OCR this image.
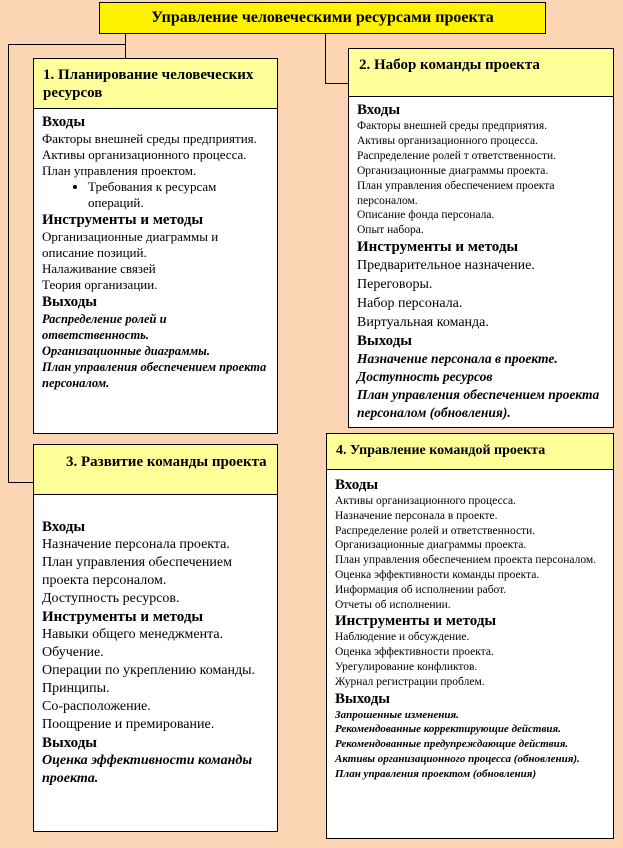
Управление человеческими ресурсами проекта
1. Планирование человеческих ресурсов
Входы
Факторы внешней среды предприятия.
Активы организационного процесса.
План управления проектом.
• Требования к ресурсам операций.
Инструменты и методы
Организационные диаграммы и описание позиций.
Налаживание связей
Теория организации.
Выходы
Распределение ролей и ответственность.
Организационные диаграммы.
План управления обеспечением проекта персоналом.
2. Набор команды проекта
Входы
Факторы внешней среды предприятия.
Активы организационного процесса.
Распределение ролей т ответственности.
Организационные диаграммы проекта.
План управления обеспечением проекта персоналом.
Описание фонда персонала.
Опыт набора.
Инструменты и методы
Предварительное назначение.
Переговоры.
Набор персонала.
Виртуальная команда.
Выходы
Назначение персонала в проекте.
Доступность ресурсов
План управления обеспечением проекта персоналом (обновления).
3. Развитие команды проекта
Входы
Назначение персонала проекта.
План управления обеспечением проекта персоналом.
Доступность ресурсов.
Инструменты и методы
Навыки общего менеджмента.
Обучение.
Операции по укреплению команды.
Принципы.
Со-расположение.
Поощрение и премирование.
Выходы
Оценка эффективности команды проекта.
4. Управление командой проекта
Входы
Активы организационного процесса.
Назначение персонала в проекте.
Распределение ролей и ответственности.
Организационные диаграммы проекта.
План управления обеспечением проекта персоналом.
Оценка эффективности команды проекта.
Информация об исполнении работ.
Отчеты об исполнении.
Инструменты и методы
Наблюдение и обсуждение.
Оценка эффективности проекта.
Урегулирование конфликтов.
Журнал регистрации проблем.
Выходы
Запрошенные изменения.
Рекомендованные корректирующие действия.
Рекомендованные предупреждающие действия.
Активы организационного процесса (обновления).
План управления проектом (обновления)
